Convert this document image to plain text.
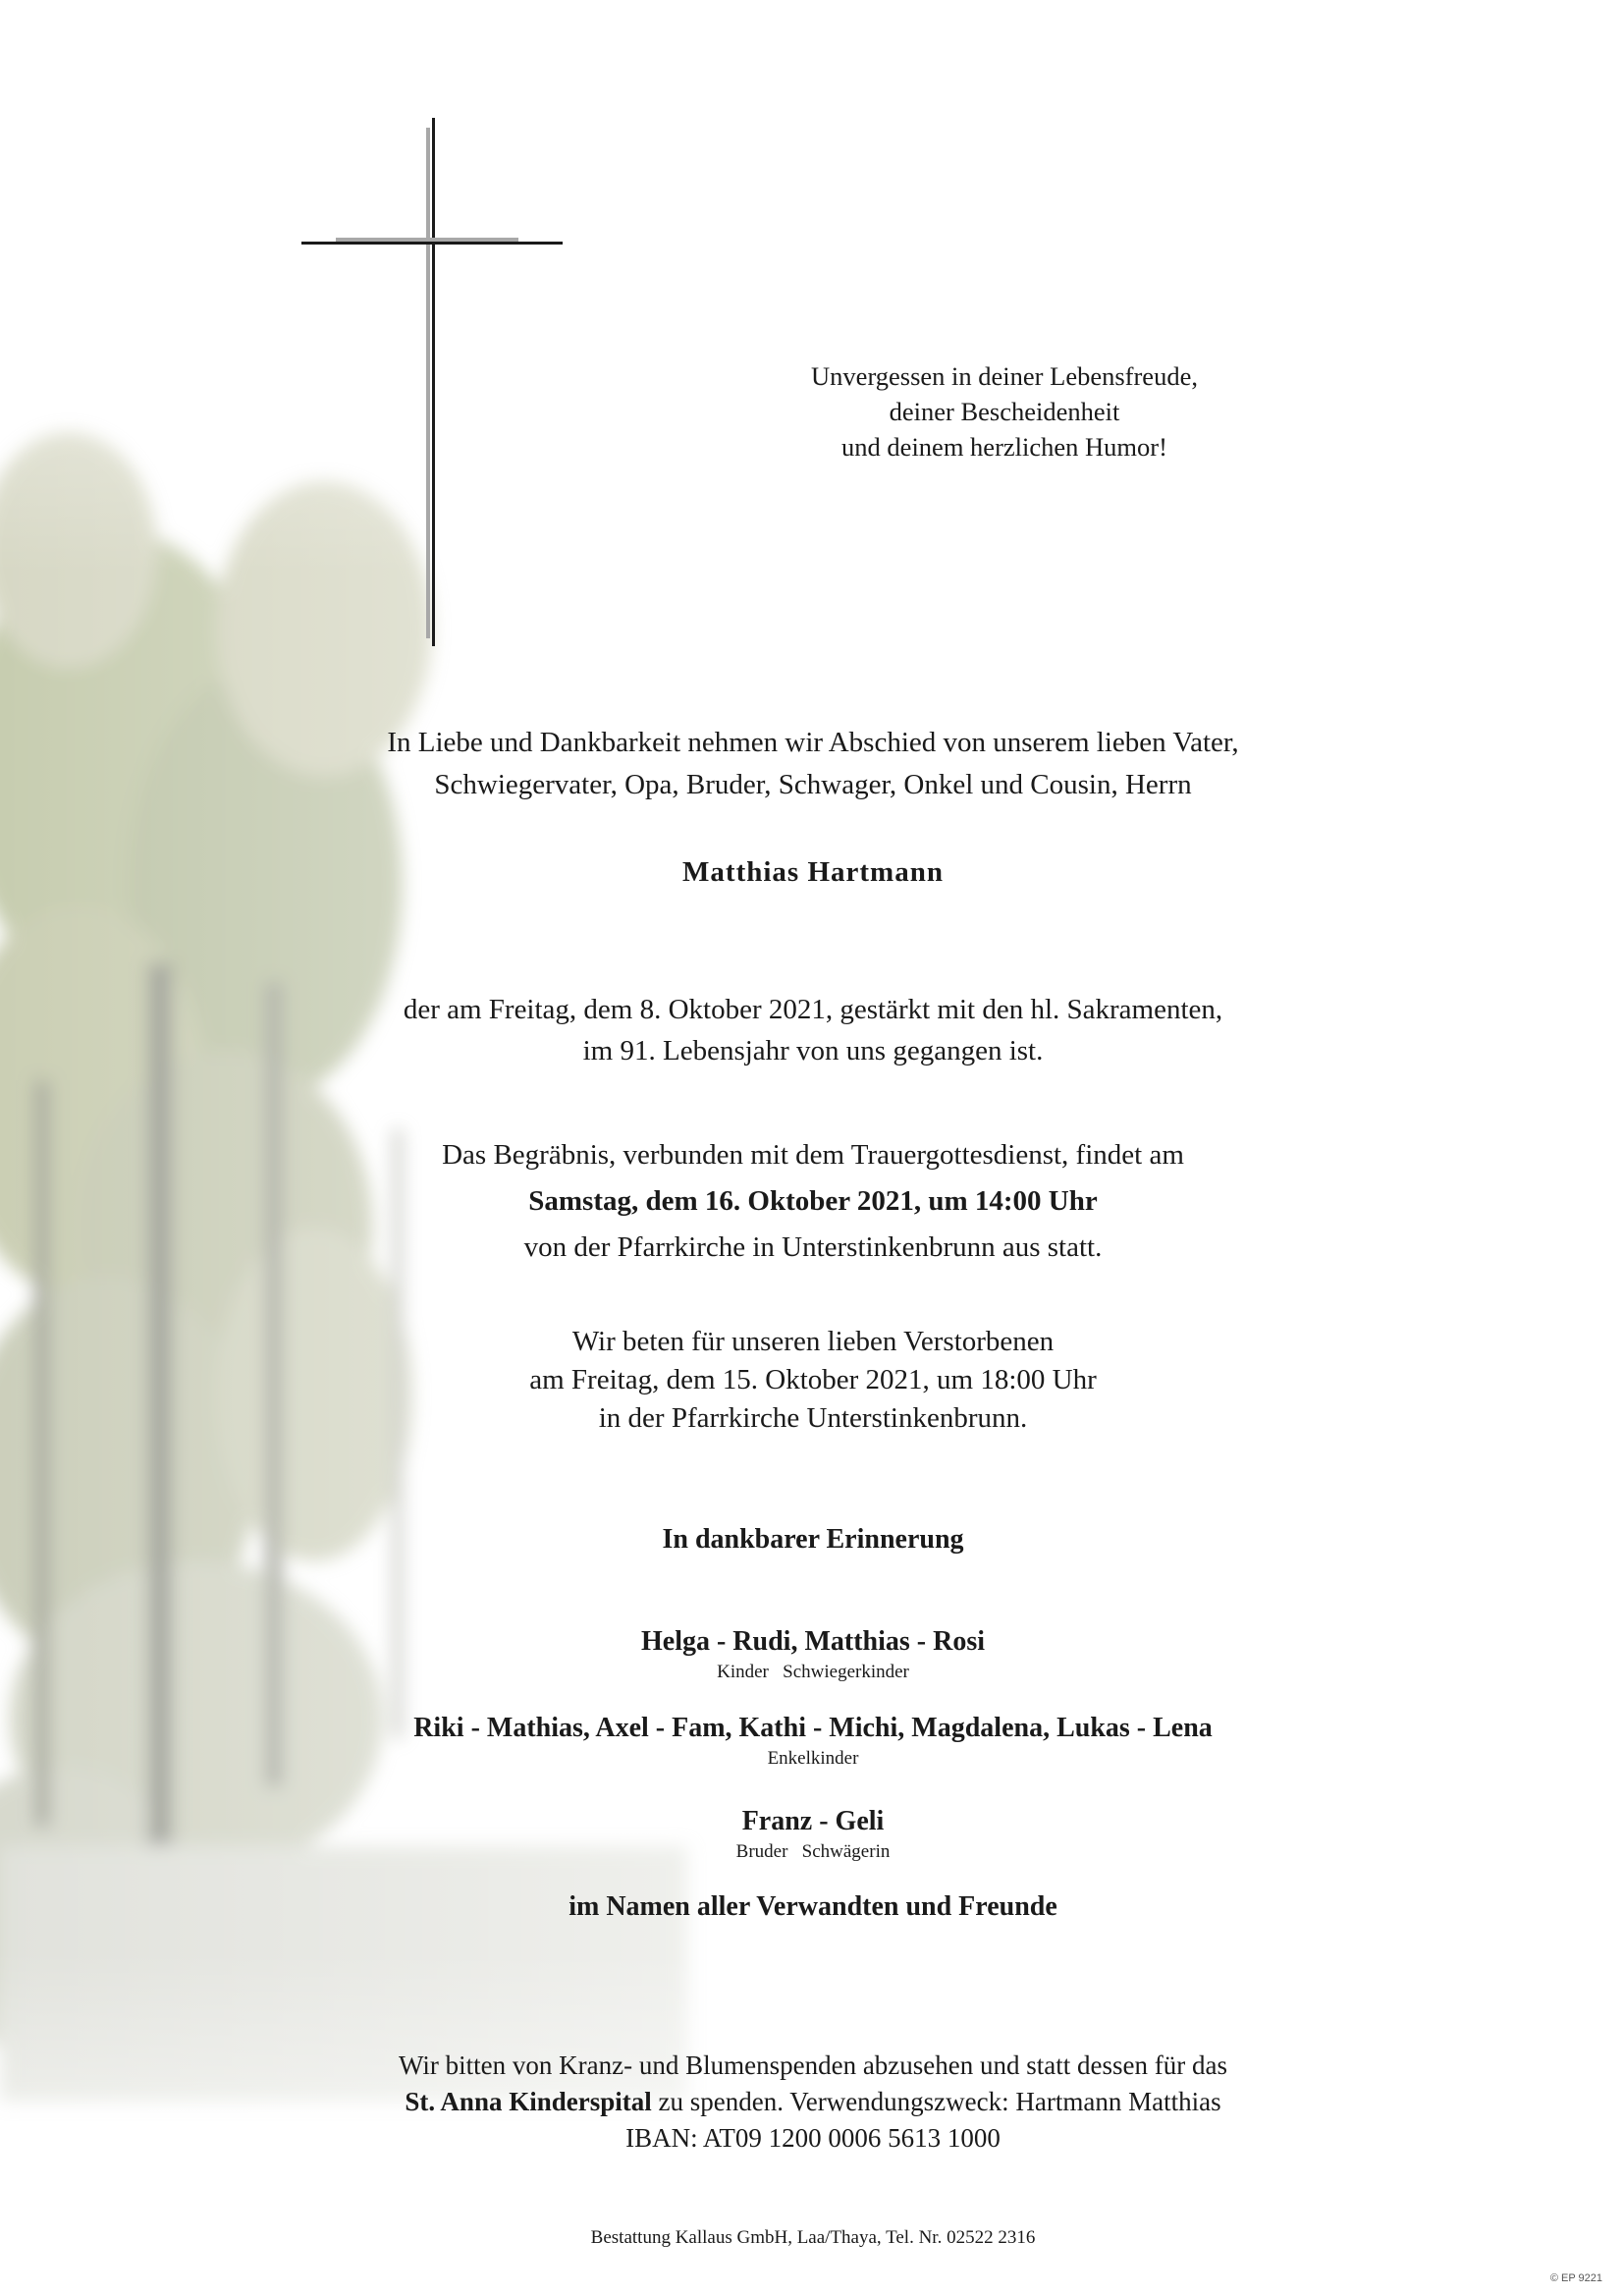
Unvergessen in deiner Lebensfreude,
deiner Bescheidenheit
und deinem herzlichen Humor!
In Liebe und Dankbarkeit nehmen wir Abschied von unserem lieben Vater,
Schwiegervater, Opa, Bruder, Schwager, Onkel und Cousin, Herrn
Matthias Hartmann
der am Freitag, dem 8. Oktober 2021, gestärkt mit den hl. Sakramenten,
im 91. Lebensjahr von uns gegangen ist.
Das Begräbnis, verbunden mit dem Trauergottesdienst, findet am
Samstag, dem 16. Oktober 2021, um 14:00 Uhr
von der Pfarrkirche in Unterstinkenbrunn aus statt.
Wir beten für unseren lieben Verstorbenen
am Freitag, dem 15. Oktober 2021, um 18:00 Uhr
in der Pfarrkirche Unterstinkenbrunn.
In dankbarer Erinnerung
Helga - Rudi, Matthias - Rosi
Kinder   Schwiegerkinder
Riki - Mathias, Axel - Fam, Kathi - Michi, Magdalena, Lukas - Lena
Enkelkinder
Franz - Geli
Bruder   Schwägerin
im Namen aller Verwandten und Freunde
Wir bitten von Kranz- und Blumenspenden abzusehen und statt dessen für das
St. Anna Kinderspital zu spenden. Verwendungszweck: Hartmann Matthias
IBAN: AT09 1200 0006 5613 1000
Bestattung Kallaus GmbH, Laa/Thaya, Tel. Nr. 02522 2316
© EP 9221
